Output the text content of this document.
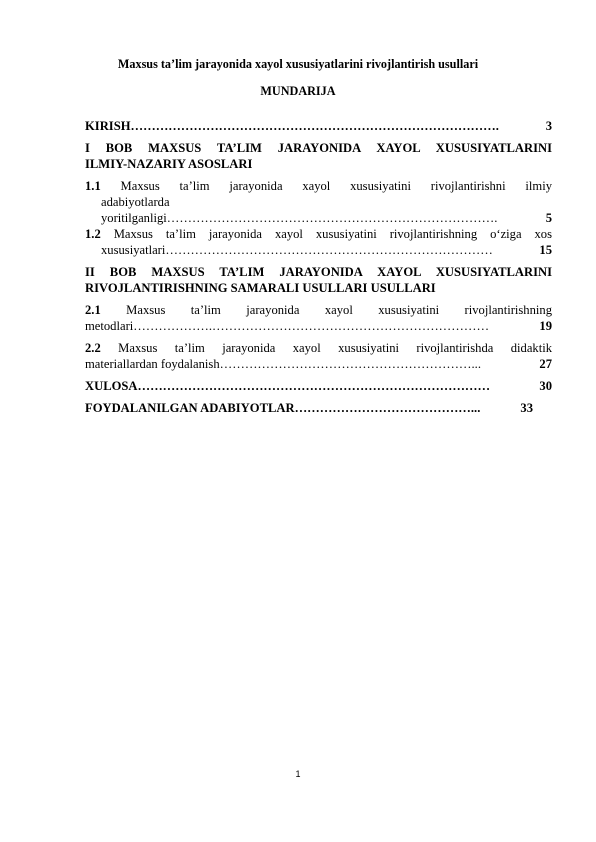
Maxsus ta’lim jarayonida xayol xususiyatlarini rivojlantirish usullari
MUNDARIJA
KIRISH …………………………………………………………………………….	3
I BOB MAXSUS TA’LIM JARAYONIDA XAYOL XUSUSIYATLARINI
ILMIY-NAZARIY ASOSLARI
1.1 Maxsus ta’lim jarayonida xayol xususiyatini rivojlantirishni ilmiy
adabiyotlarda
yoritilganligi …………………………………………………………………….	5
1.2 Maxsus ta’lim jarayonida xayol xususiyatini rivojlantirishning o‘ziga xos
xususiyatlari ……………………………………………………………………	15
II BOB MAXSUS TA’LIM JARAYONIDA XAYOL XUSUSIYATLARINI
RIVOJLANTIRISHNING SAMARALI USULLARI USULLARI
2.1 Maxsus ta’lim jarayonida xayol xususiyatini rivojlantirishning
metodlari ……………….…………………………………………………………	19
2.2 Maxsus ta’lim jarayonida xayol xususiyatini rivojlantirishda didaktik
materiallardan foydalanish ……………………………………………………...	27
XULOSA …………………………………………………………………………	30
FOYDALANILGAN ADABIYOTLAR ……………………………………...	33
1
